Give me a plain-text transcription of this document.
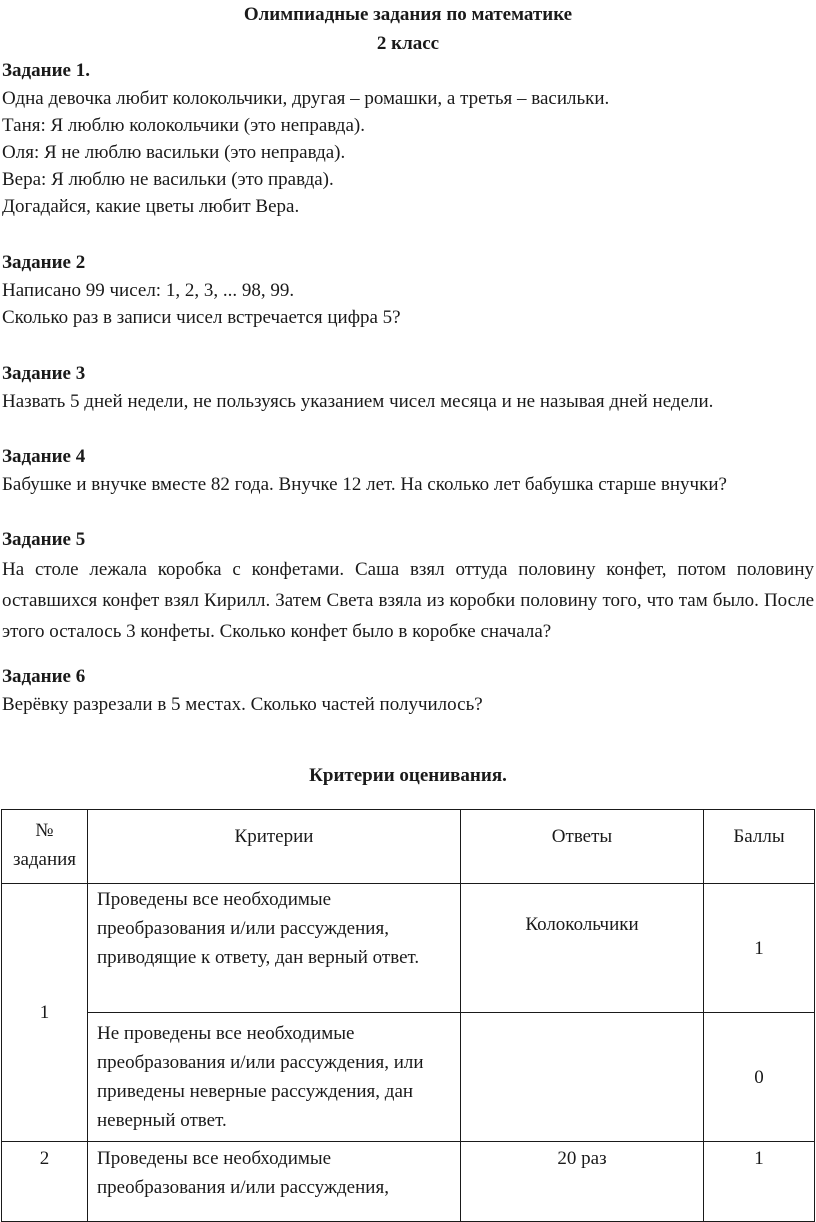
Олимпиадные задания по математике
2 класс
Задание 1.

Одна девочка любит колокольчики, другая – ромашки, а третья – васильки.

Таня: Я люблю колокольчики (это неправда).

Оля: Я не люблю васильки (это неправда).

Вера: Я люблю не васильки (это правда).

Догадайся, какие цветы любит Вера.

Задание 2

Написано 99 чисел: 1, 2, 3, ... 98, 99.

Сколько раз в записи чисел встречается цифра 5?

Задание 3

Назвать 5 дней недели, не пользуясь указанием чисел месяца и не называя дней недели.

Задание 4

Бабушке и внучке вместе 82 года. Внучке 12 лет. На сколько лет бабушка старше внучки?

Задание 5

На столе лежала коробка с конфетами. Саша взял оттуда половину конфет, потом половину оставшихся конфет взял Кирилл. Затем Света взяла из коробки половину того, что там было. После этого осталось 3 конфеты. Сколько конфет было в коробке сначала?

Задание 6

Верёвку разрезали в 5 местах. Сколько частей получилось?

Критерии оценивания.
№ задания	Критерии	Ответы	Баллы
1	Проведены все необходимые преобразования и/или рассуждения, приводящие к ответу, дан верный ответ.	Колокольчики	1
	Не проведены все необходимые преобразования и/или рассуждения, или приведены неверные рассуждения, дан неверный ответ.		0
2	Проведены все необходимые преобразования и/или рассуждения,	20 раз	1
